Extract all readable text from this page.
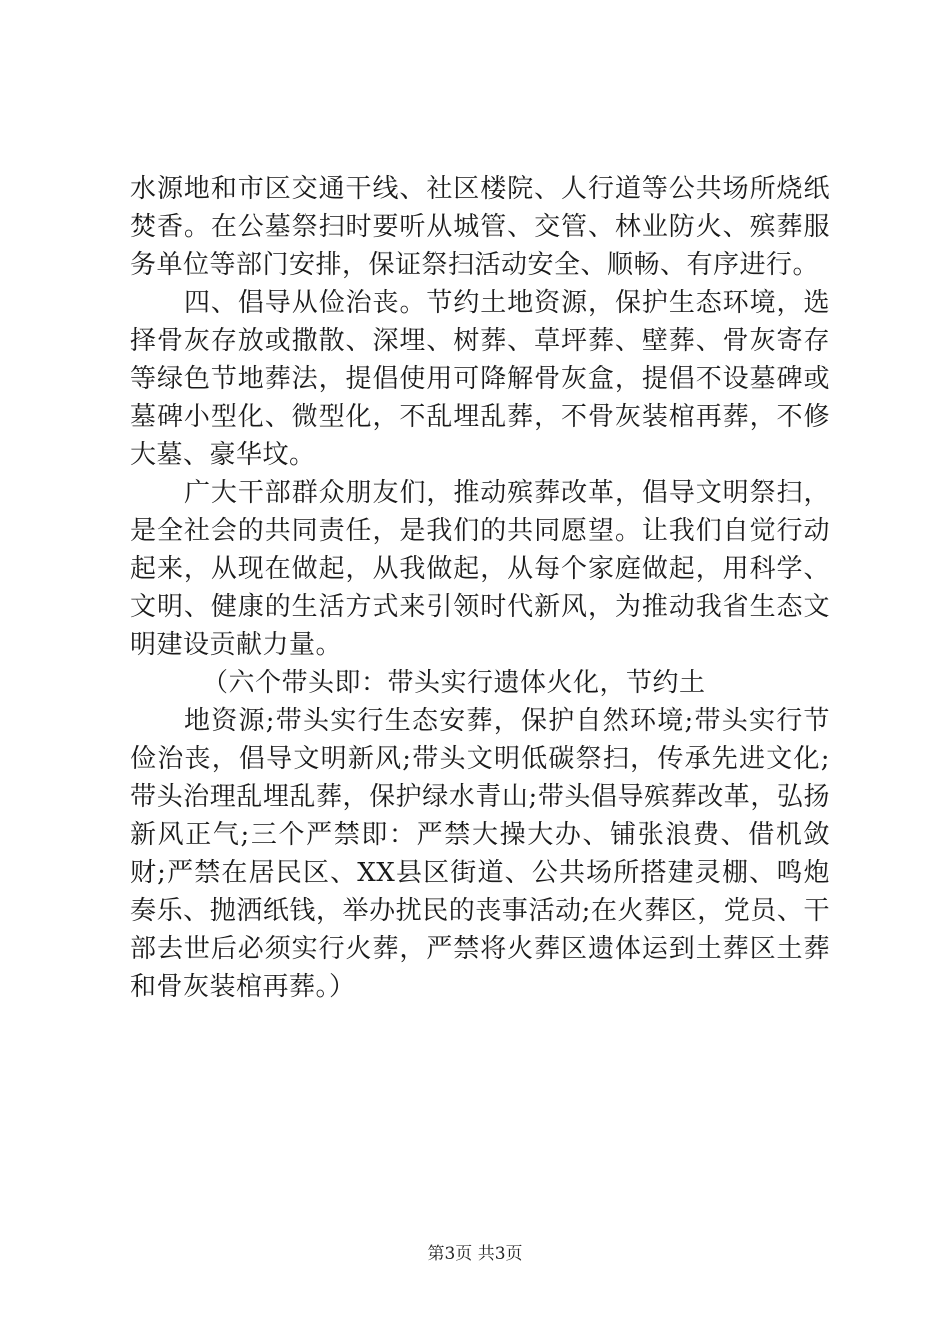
水源地和市区交通干线、社区楼院、人行道等公共场所烧纸焚香。在公墓祭扫时要听从城管、交管、林业防火、殡葬服务单位等部门安排，保证祭扫活动安全、顺畅、有序进行。

四、倡导从俭治丧。节约土地资源，保护生态环境，选择骨灰存放或撒散、深埋、树葬、草坪葬、壁葬、骨灰寄存等绿色节地葬法，提倡使用可降解骨灰盒，提倡不设墓碑或墓碑小型化、微型化，不乱埋乱葬，不骨灰装棺再葬，不修大墓、豪华坟。

广大干部群众朋友们，推动殡葬改革，倡导文明祭扫，是全社会的共同责任，是我们的共同愿望。让我们自觉行动起来，从现在做起，从我做起，从每个家庭做起，用科学、文明、健康的生活方式来引领时代新风，为推动我省生态文明建设贡献力量。

（六个带头即：带头实行遗体火化，节约土

地资源;带头实行生态安葬，保护自然环境;带头实行节俭治丧，倡导文明新风;带头文明低碳祭扫，传承先进文化;带头治理乱埋乱葬，保护绿水青山;带头倡导殡葬改革，弘扬新风正气;三个严禁即：严禁大操大办、铺张浪费、借机敛财;严禁在居民区、XX县区街道、公共场所搭建灵棚、鸣炮奏乐、抛洒纸钱，举办扰民的丧事活动;在火葬区，党员、干部去世后必须实行火葬，严禁将火葬区遗体运到土葬区土葬和骨灰装棺再葬。）

第3页 共3页
